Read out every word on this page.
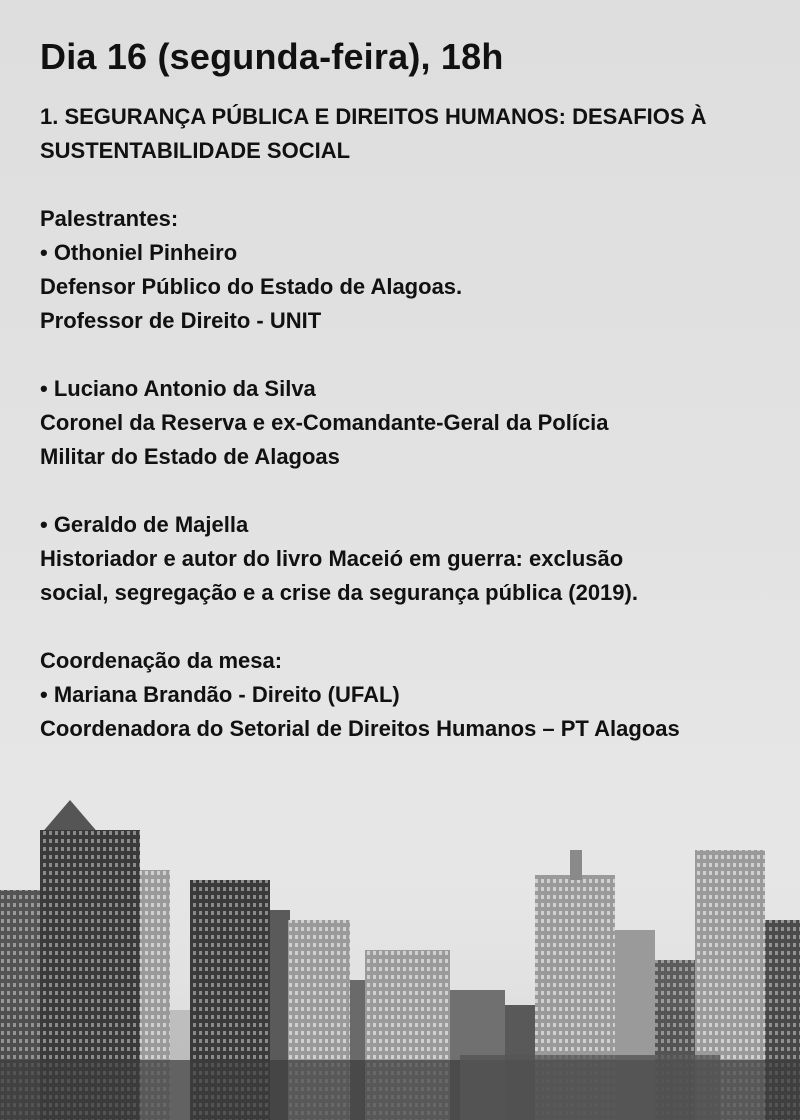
Dia 16 (segunda-feira), 18h
1. SEGURANÇA PÚBLICA E DIREITOS HUMANOS: DESAFIOS À
SUSTENTABILIDADE SOCIAL

Palestrantes:

• Othoniel Pinheiro

Defensor Público do Estado de Alagoas.

Professor de Direito - UNIT

• Luciano Antonio da Silva

Coronel da Reserva e ex-Comandante-Geral da Polícia

Militar do Estado de Alagoas

• Geraldo de Majella

Historiador e autor do livro Maceió em guerra: exclusão

social, segregação e a crise da segurança pública (2019).

Coordenação da mesa:

• Mariana Brandão - Direito (UFAL)

Coordenadora do Setorial de Direitos Humanos – PT Alagoas
